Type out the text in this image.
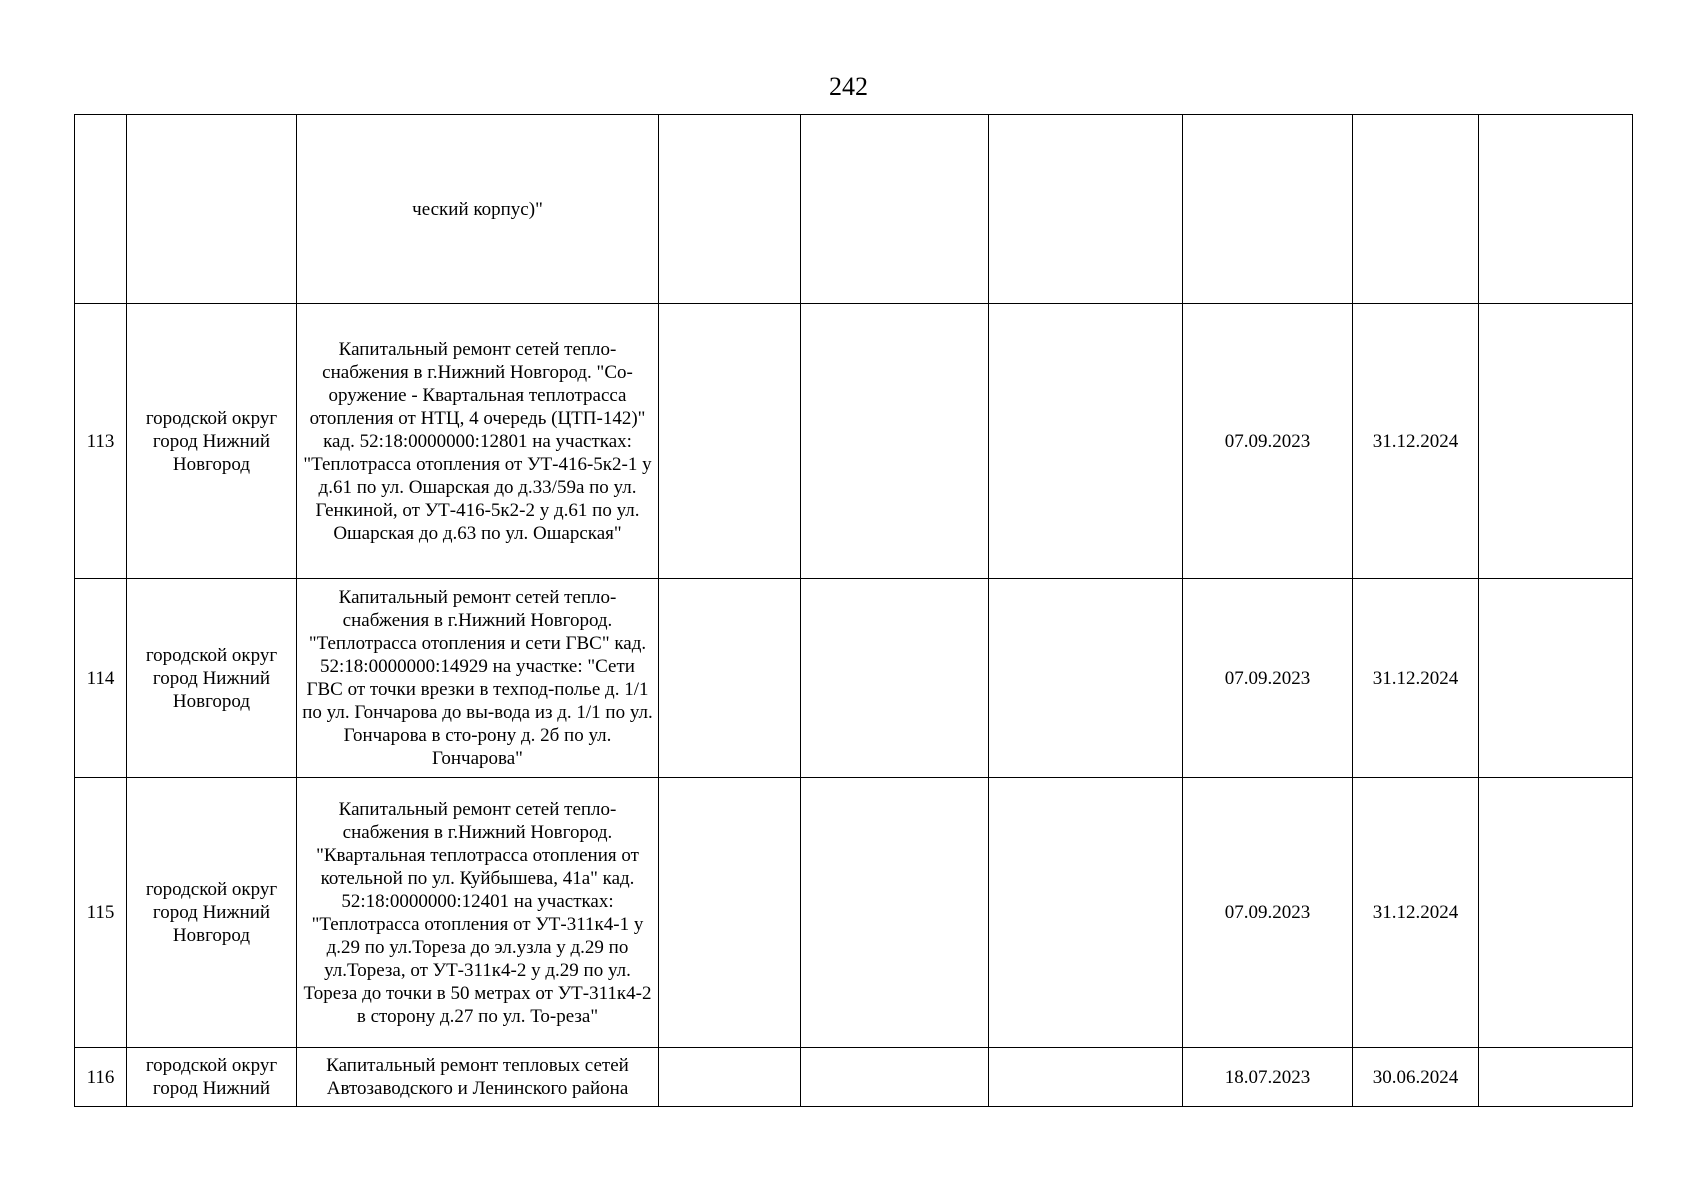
242
		ческий корпус)"						
113	городской округ город Нижний Новгород	Капитальный ремонт сетей тепло-снабжения в г.Нижний Новгород. "Со-оружение - Квартальная теплотрасса отопления от НТЦ, 4 очередь (ЦТП-142)" кад. 52:18:0000000:12801 на участках: "Теплотрасса отопления от УТ-416-5к2-1 у д.61 по ул. Ошарская до д.33/59а по ул. Генкиной, от УТ-416-5к2-2 у д.61 по ул. Ошарская до д.63 по ул. Ошарская"				07.09.2023	31.12.2024	
114	городской округ город Нижний Новгород	Капитальный ремонт сетей тепло-снабжения в г.Нижний Новгород. "Теплотрасса отопления и сети ГВС" кад. 52:18:0000000:14929 на участке: "Сети ГВС от точки врезки в техпод-полье д. 1/1 по ул. Гончарова до вы-вода из д. 1/1 по ул. Гончарова в сто-рону д. 2б по ул. Гончарова"				07.09.2023	31.12.2024	
115	городской округ город Нижний Новгород	Капитальный ремонт сетей тепло-снабжения в г.Нижний Новгород. "Квартальная теплотрасса отопления от котельной по ул. Куйбышева, 41а" кад. 52:18:0000000:12401 на участках: "Теплотрасса отопления от УТ-311к4-1 у д.29 по ул.Тореза до эл.узла у д.29 по ул.Тореза, от УТ-311к4-2 у д.29 по ул. Тореза до точки в 50 метрах от УТ-311к4-2 в сторону д.27 по ул. То-реза"				07.09.2023	31.12.2024	
116	городской округ город Нижний	Капитальный ремонт тепловых сетей Автозаводского и Ленинского района				18.07.2023	30.06.2024	
